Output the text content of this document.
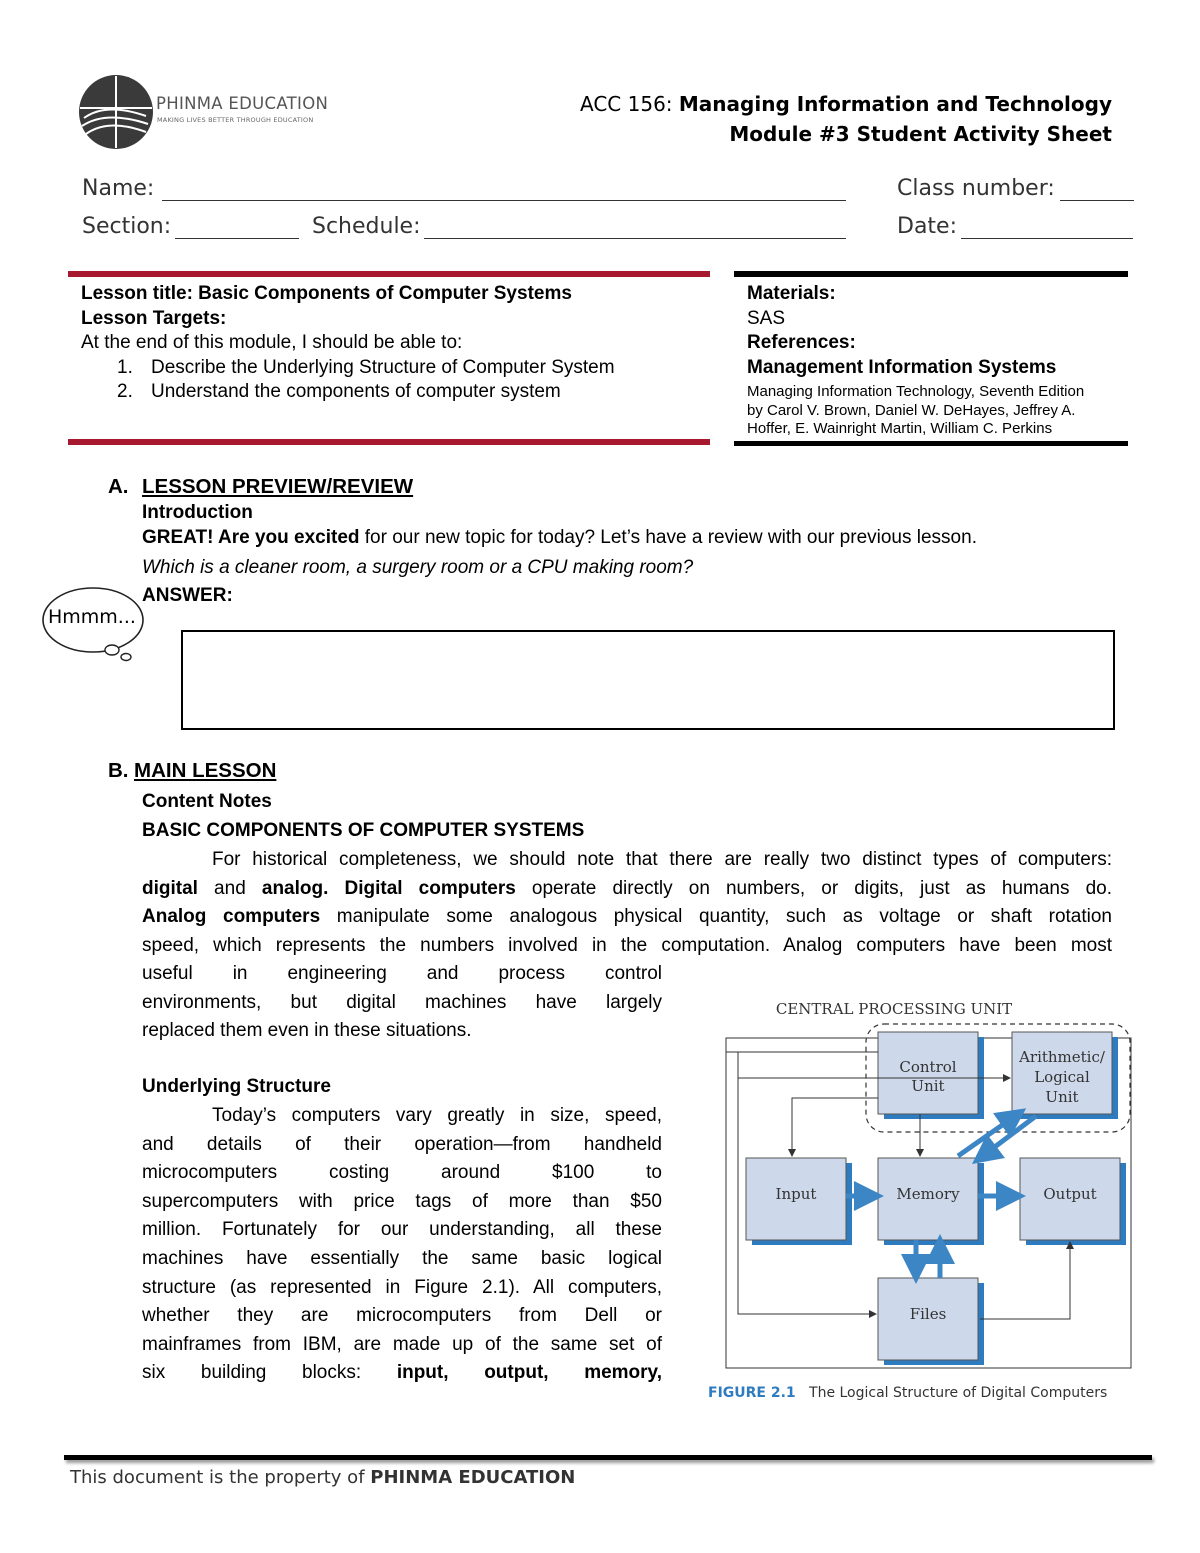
PHINMA EDUCATION
MAKING LIVES BETTER THROUGH EDUCATION
ACC 156: Managing Information and Technology
Module #3 Student Activity Sheet
Name:	Class number:
Section:	Schedule:	Date:
Lesson title: Basic Components of Computer Systems
Lesson Targets:
At the end of this module, I should be able to:
1. Describe the Underlying Structure of Computer System
2. Understand the components of computer system
Materials:
SAS
References:
Management Information Systems
Managing Information Technology, Seventh Edition
by Carol V. Brown, Daniel W. DeHayes, Jeffrey A.
Hoffer, E. Wainright Martin, William C. Perkins
A. LESSON PREVIEW/REVIEW
Introduction
GREAT! Are you excited for our new topic for today? Let’s have a review with our previous lesson.
Which is a cleaner room, a surgery room or a CPU making room?
ANSWER:
Hmmm...
B. MAIN LESSON
Content Notes
BASIC COMPONENTS OF COMPUTER SYSTEMS
For historical completeness, we should note that there are really two distinct types of computers:
digital and analog. Digital computers operate directly on numbers, or digits, just as humans do.
Analog computers manipulate some analogous physical quantity, such as voltage or shaft rotation
speed, which represents the numbers involved in the computation. Analog computers have been most
useful in engineering and process control
environments, but digital machines have largely
replaced them even in these situations.
Underlying Structure
Today’s computers vary greatly in size, speed,
and details of their operation—from handheld
microcomputers costing around $100 to
supercomputers with price tags of more than $50
million. Fortunately for our understanding, all these
machines have essentially the same basic logical
structure (as represented in Figure 2.1). All computers,
whether they are microcomputers from Dell or
mainframes from IBM, are made up of the same set of
six building blocks: input, output, memory,
CENTRAL PROCESSING UNIT
Control
Unit
Arithmetic/
Logical
Unit
Input	Memory	Output
Files
FIGURE 2.1 The Logical Structure of Digital Computers
This document is the property of PHINMA EDUCATION
